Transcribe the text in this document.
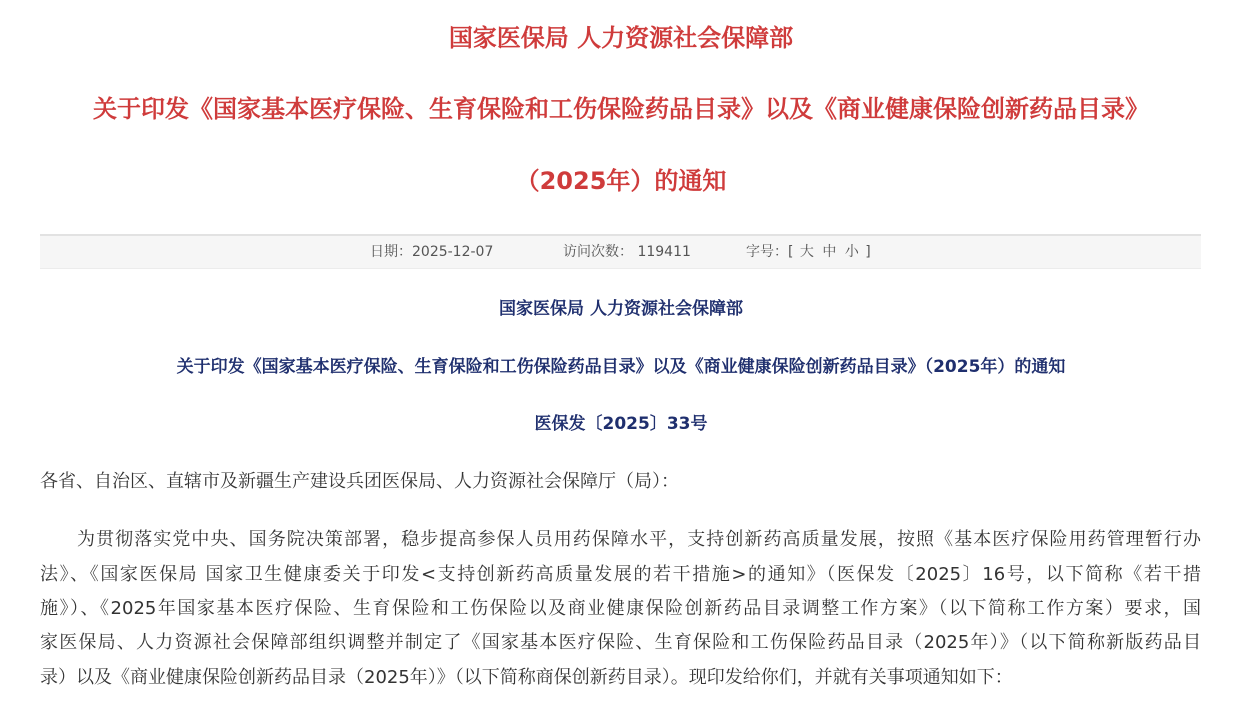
国家医保局 人力资源社会保障部
关于印发《国家基本医疗保险、生育保险和工伤保险药品目录》以及《商业健康保险创新药品目录》
（2025年）的通知
日期：2025-12-07	访问次数： 119411	字号：[ 大 中 小 ]
国家医保局 人力资源社会保障部
关于印发《国家基本医疗保险、生育保险和工伤保险药品目录》以及《商业健康保险创新药品目录》（2025年）的通知
医保发〔2025〕33号
各省、自治区、直辖市及新疆生产建设兵团医保局、人力资源社会保障厅（局）：
为贯彻落实党中央、国务院决策部署，稳步提高参保人员用药保障水平，支持创新药高质量发展，按照《基本医疗保险用药管理暂行办
法》、《国家医保局 国家卫生健康委关于印发<支持创新药高质量发展的若干措施>的通知》（医保发〔2025〕16号，以下简称《若干措
施》）、《2025年国家基本医疗保险、生育保险和工伤保险以及商业健康保险创新药品目录调整工作方案》（以下简称工作方案）要求，国
家医保局、人力资源社会保障部组织调整并制定了《国家基本医疗保险、生育保险和工伤保险药品目录（2025年）》（以下简称新版药品目
录）以及《商业健康保险创新药品目录（2025年）》（以下简称商保创新药目录）。现印发给你们，并就有关事项通知如下：
